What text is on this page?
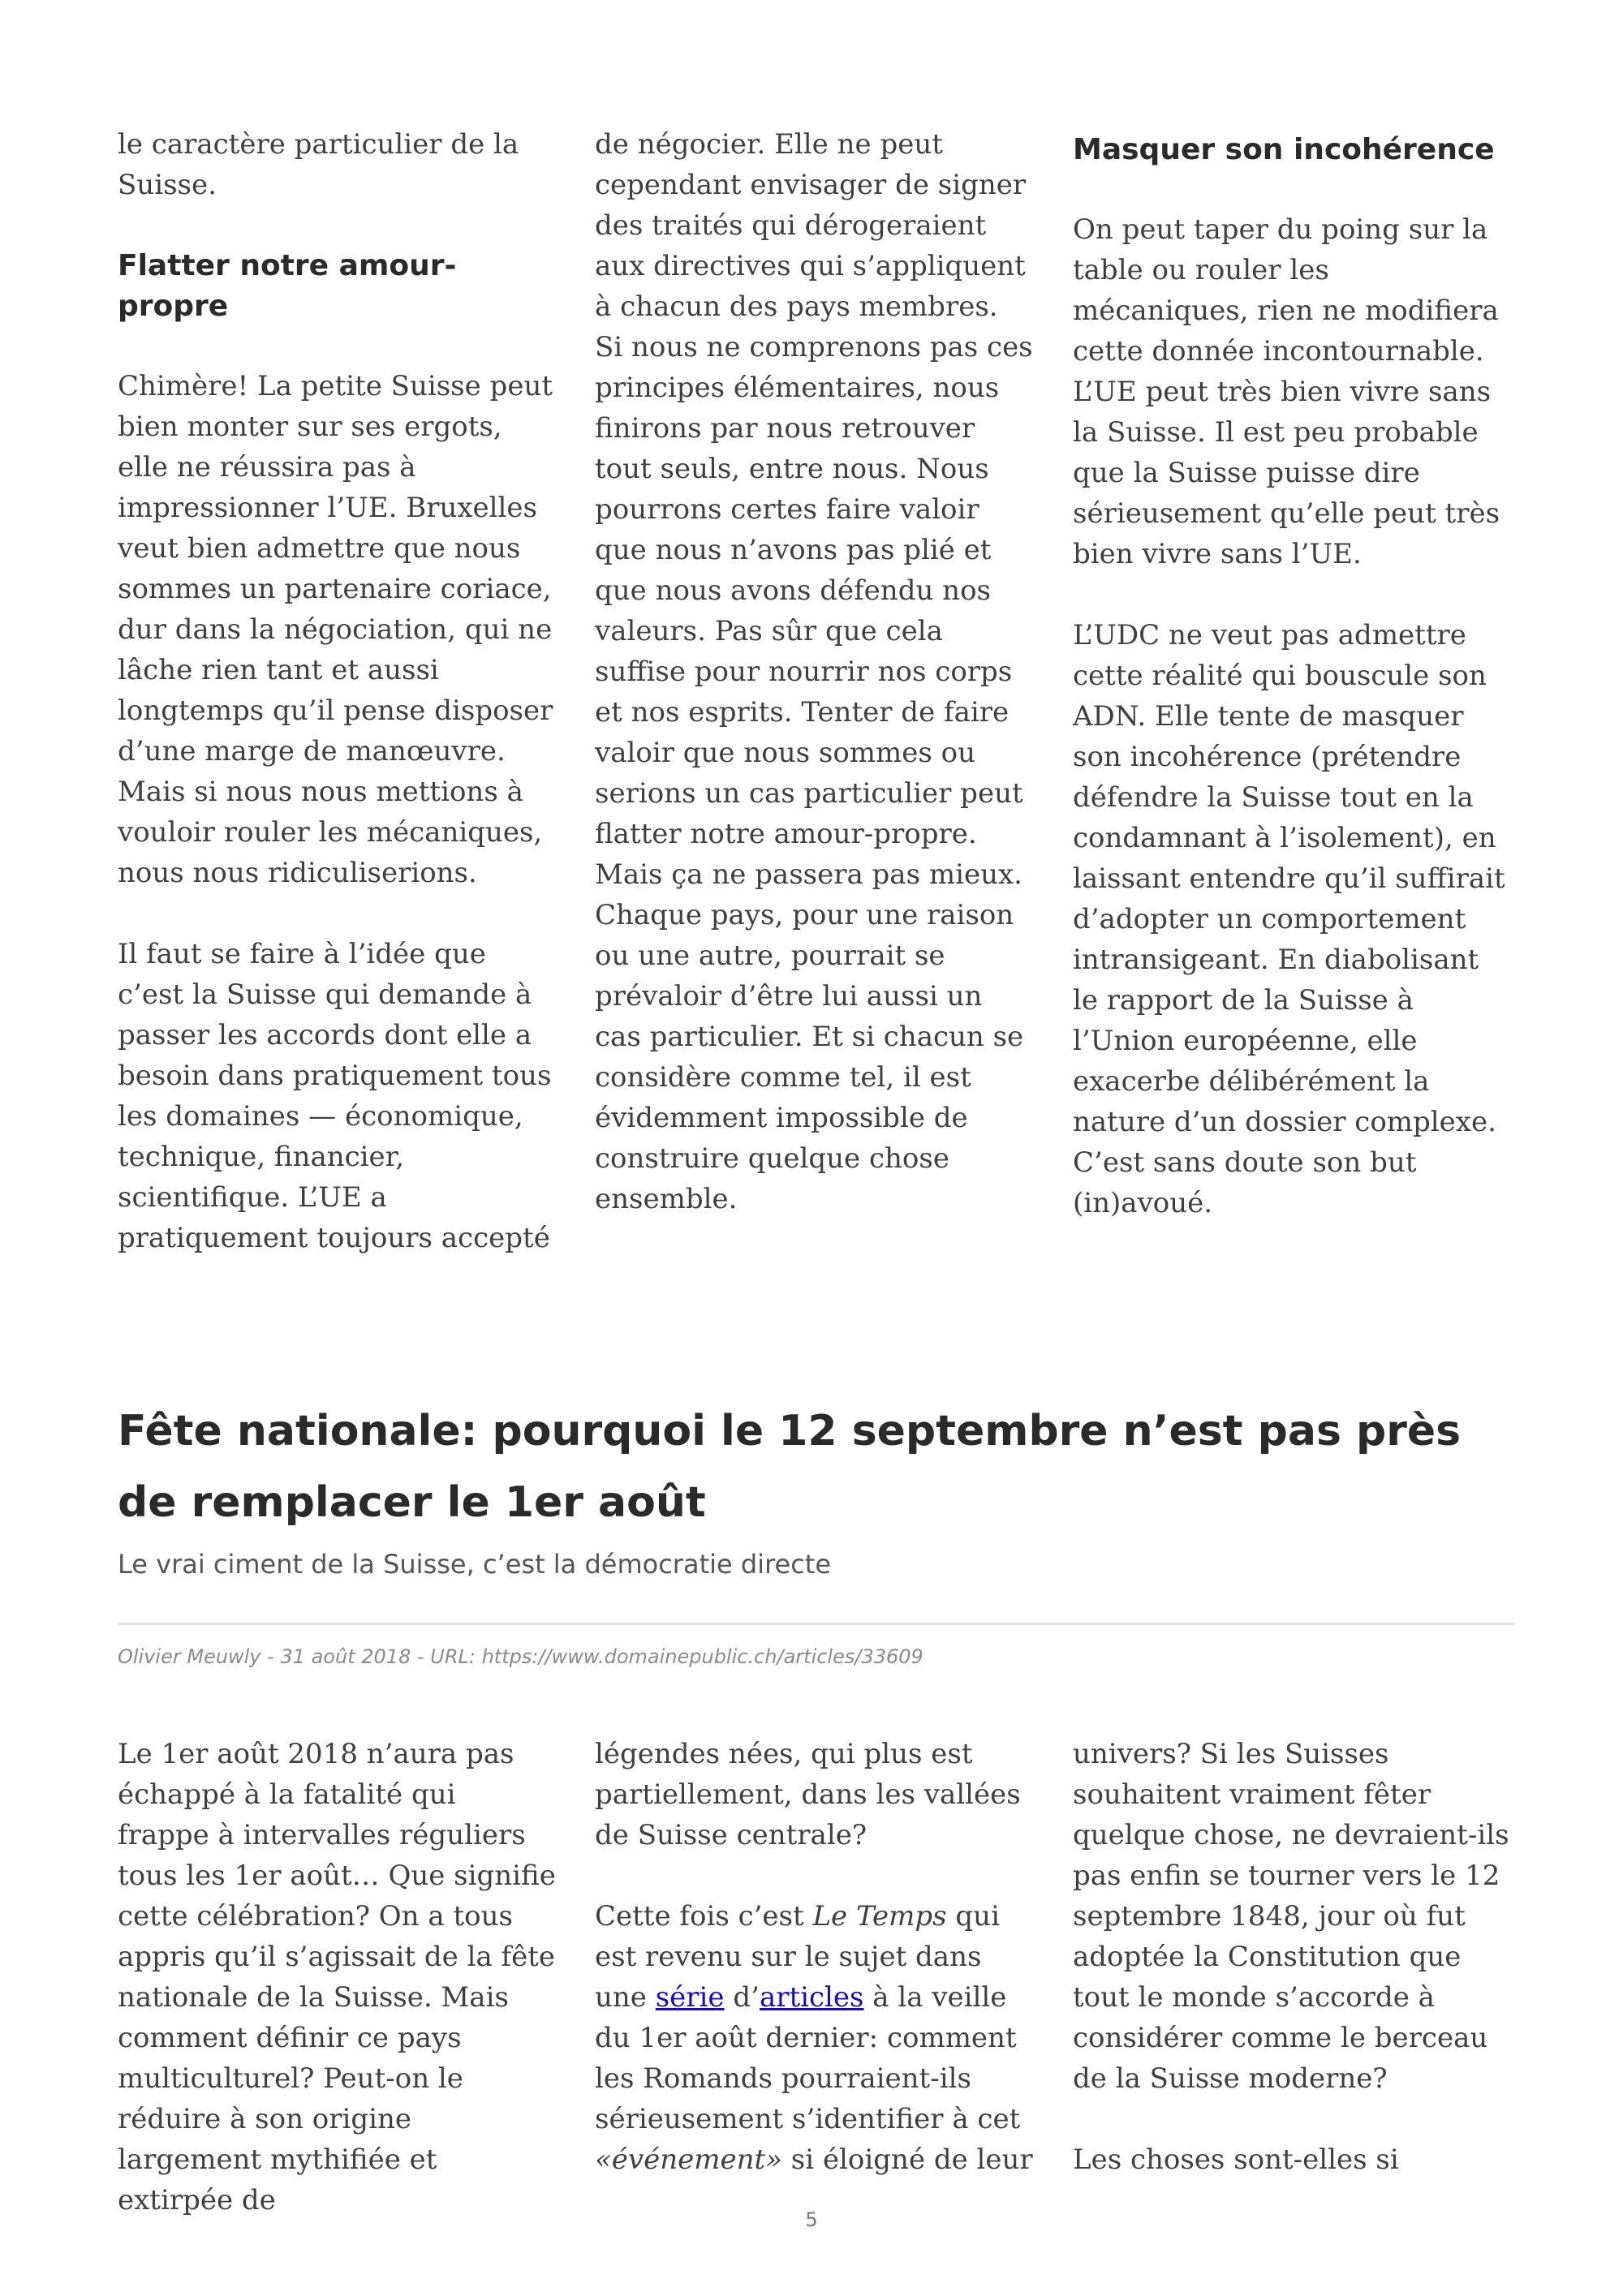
le caractère particulier de la Suisse.

Flatter notre amour-propre

Chimère! La petite Suisse peut bien monter sur ses ergots, elle ne réussira pas à impressionner l’UE. Bruxelles veut bien admettre que nous sommes un partenaire coriace, dur dans la négociation, qui ne lâche rien tant et aussi longtemps qu’il pense disposer d’une marge de manœuvre. Mais si nous nous mettions à vouloir rouler les mécaniques, nous nous ridiculiserions.

Il faut se faire à l’idée que c’est la Suisse qui demande à passer les accords dont elle a besoin dans pratiquement tous les domaines — économique, technique, financier, scientifique. L’UE a pratiquement toujours accepté

de négocier. Elle ne peut cependant envisager de signer des traités qui dérogeraient aux directives qui s’appliquent à chacun des pays membres. Si nous ne comprenons pas ces principes élémentaires, nous finirons par nous retrouver tout seuls, entre nous. Nous pourrons certes faire valoir que nous n’avons pas plié et que nous avons défendu nos valeurs. Pas sûr que cela suffise pour nourrir nos corps et nos esprits. Tenter de faire valoir que nous sommes ou serions un cas particulier peut flatter notre amour-propre. Mais ça ne passera pas mieux. Chaque pays, pour une raison ou une autre, pourrait se prévaloir d’être lui aussi un cas particulier. Et si chacun se considère comme tel, il est évidemment impossible de construire quelque chose ensemble.

Masquer son incohérence

On peut taper du poing sur la table ou rouler les mécaniques, rien ne modifiera cette donnée incontournable. L’UE peut très bien vivre sans la Suisse. Il est peu probable que la Suisse puisse dire sérieusement qu’elle peut très bien vivre sans l’UE.

L’UDC ne veut pas admettre cette réalité qui bouscule son ADN. Elle tente de masquer son incohérence (prétendre défendre la Suisse tout en la condamnant à l’isolement), en laissant entendre qu’il suffirait d’adopter un comportement intransigeant. En diabolisant le rapport de la Suisse à l’Union européenne, elle exacerbe délibérément la nature d’un dossier complexe. C’est sans doute son but (in)avoué.

Fête nationale: pourquoi le 12 septembre n’est pas près de remplacer le 1er août
Le vrai ciment de la Suisse, c’est la démocratie directe
Olivier Meuwly - 31 août 2018 - URL: https://www.domainepublic.ch/articles/33609

Le 1er août 2018 n’aura pas échappé à la fatalité qui frappe à intervalles réguliers tous les 1er août… Que signifie cette célébration? On a tous appris qu’il s’agissait de la fête nationale de la Suisse. Mais comment définir ce pays multiculturel? Peut-on le réduire à son origine largement mythifiée et extirpée de

légendes nées, qui plus est partiellement, dans les vallées de Suisse centrale?

Cette fois c’est Le Temps qui est revenu sur le sujet dans une série d’articles à la veille du 1er août dernier: comment les Romands pourraient-ils sérieusement s’identifier à cet «événement» si éloigné de leur

univers? Si les Suisses souhaitent vraiment fêter quelque chose, ne devraient-ils pas enfin se tourner vers le 12 septembre 1848, jour où fut adoptée la Constitution que tout le monde s’accorde à considérer comme le berceau de la Suisse moderne?

Les choses sont-elles si

5
